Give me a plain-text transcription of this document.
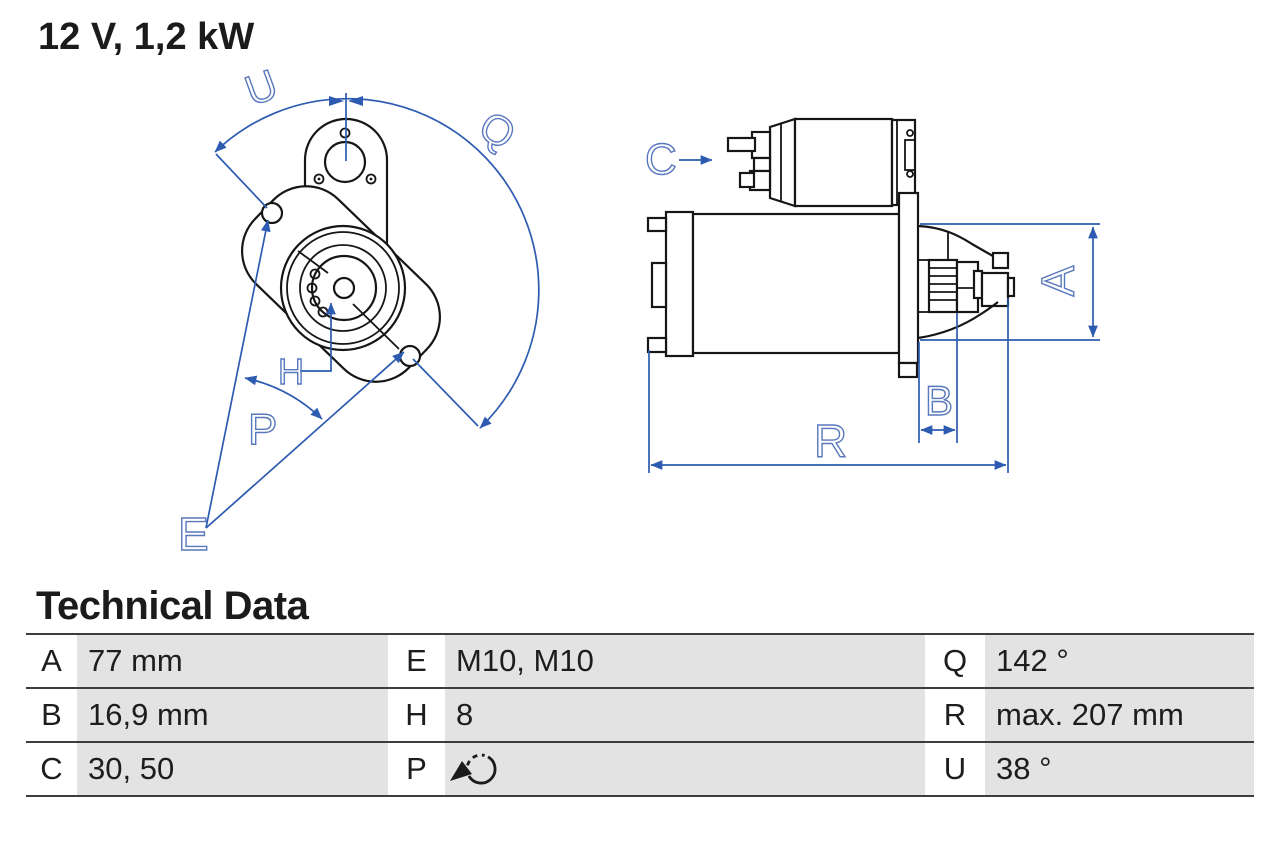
12 V, 1,2 kW
U
Q
H
P
E
C
A
B
R
Technical Data
A 77 mm	E M10, M10	Q 142 °
B 16,9 mm	H 8	R max. 207 mm
C 30, 50	P	U 38 °
